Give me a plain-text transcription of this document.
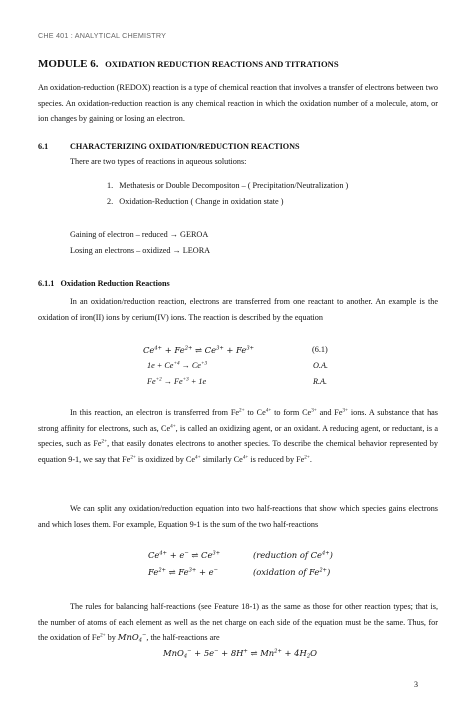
CHE 401 : ANALYTICAL CHEMISTRY
MODULE 6. OXIDATION REDUCTION REACTIONS AND TITRATIONS

An oxidation-reduction (REDOX) reaction is a type of chemical reaction that involves a transfer of electrons between two species. An oxidation-reduction reaction is any chemical reaction in which the oxidation number of a molecule, atom, or ion changes by gaining or losing an electron.

6.1	CHARACTERIZING OXIDATION/REDUCTION REACTIONS
There are two types of reactions in aqueous solutions:
1. Methatesis or Double Decompositon – ( Precipitation/Neutralization )
2. Oxidation-Reduction ( Change in oxidation state )
Gaining of electron – reduced → GEROA
Losing an electrons – oxidized → LEORA
6.1.1 Oxidation Reduction Reactions

In an oxidation/reduction reaction, electrons are transferred from one reactant to another. An example is the oxidation of iron(II) ions by cerium(IV) ions. The reaction is described by the equation

$Ce^{4+} + Fe^{2+}$ ⇌ $Ce^{3+} + Fe^{3+}$	(6.1)
$1e + Ce^{+4} \to Ce^{+3}$	O.A.
$Fe^{+2} \to Fe^{+3} + 1e$	R.A.

In this reaction, an electron is transferred from $Fe^{2+}$ to $Ce^{4+}$ to form $Ce^{3+}$ and $Fe^{3+}$ ions. A substance that has strong affinity for electrons, such as, $Ce^{4+}$, is called an oxidizing agent, or an oxidant. A reducing agent, or reductant, is a species, such as $Fe^{2+}$, that easily donates electrons to another species. To describe the chemical behavior represented by equation 9-1, we say that $Fe^{2+}$ is oxidized by $Ce^{4+}$ similarly $Ce^{4+}$ is reduced by $Fe^{2+}$.

We can split any oxidation/reduction equation into two half-reactions that show which species gains electrons and which loses them. For example, Equation 9-1 is the sum of the two half-reactions

$Ce^{4+} + e^-$ ⇌ $Ce^{3+}$	(reduction of $Ce^{4+}$)
$Fe^{2+}$ ⇌ $Fe^{3+} + e^-$	(oxidation of $Fe^{2+}$)

The rules for balancing half-reactions (see Feature 18-1) as the same as those for other reaction types; that is, the number of atoms of each element as well as the net charge on each side of the equation must be the same. Thus, for the oxidation of $Fe^{2+}$ by MnO$_4$−, the half-reactions are

MnO$_4$− + 5e− + 8H+ ⇌ $Mn^{2+} + 4H_2O$
3
